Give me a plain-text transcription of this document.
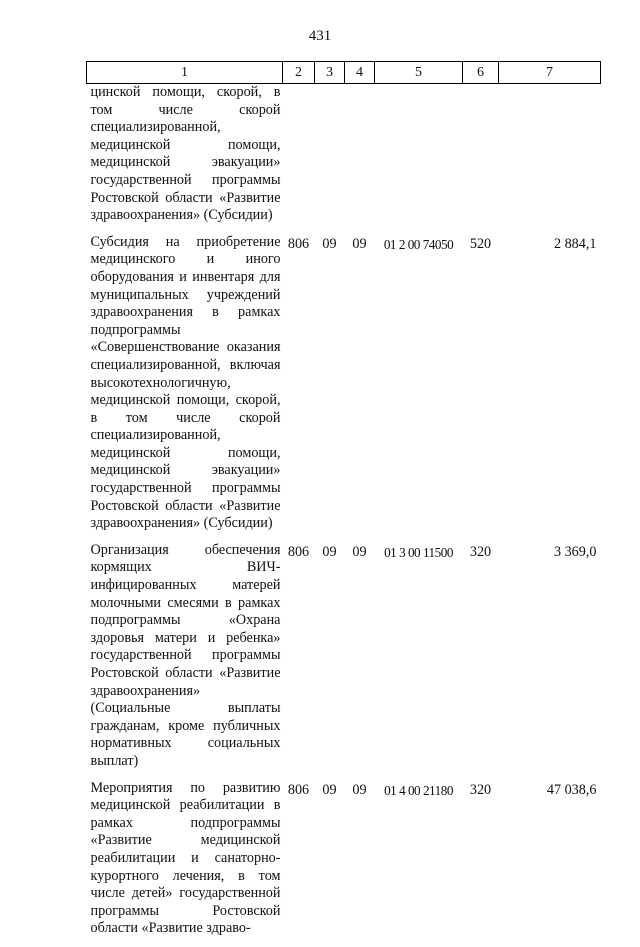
431
1	2	3	4	5	6	7
цинской помощи, скорой, в том числе скорой специализированной, медицинской помощи, медицинской эвакуации» государственной программы Ростовской области «Развитие здравоохранения» (Субсидии)						
Субсидия на приобретение медицинского и иного оборудования и инвентаря для муниципальных учреждений здравоохранения в рамках подпрограммы «Совершенствование оказания специализированной, включая высокотехнологичную, медицинской помощи, скорой, в том числе скорой специализированной, медицинской помощи, медицинской эвакуации» государственной программы Ростовской области «Развитие здравоохранения» (Субсидии)	806	09	09	01 2 00 74050	520	2 884,1
Организация обеспечения кормящих ВИЧ-инфицированных матерей молочными смесями в рамках подпрограммы «Охрана здоровья матери и ребенка» государственной программы Ростовской области «Развитие здравоохранения» (Социальные выплаты гражданам, кроме публичных нормативных социальных выплат)	806	09	09	01 3 00 11500	320	3 369,0
Мероприятия по развитию медицинской реабилитации в рамках подпрограммы «Развитие медицинской реабилитации и санаторно-курортного лечения, в том числе детей» государственной программы Ростовской области «Развитие здраво-	806	09	09	01 4 00 21180	320	47 038,6
